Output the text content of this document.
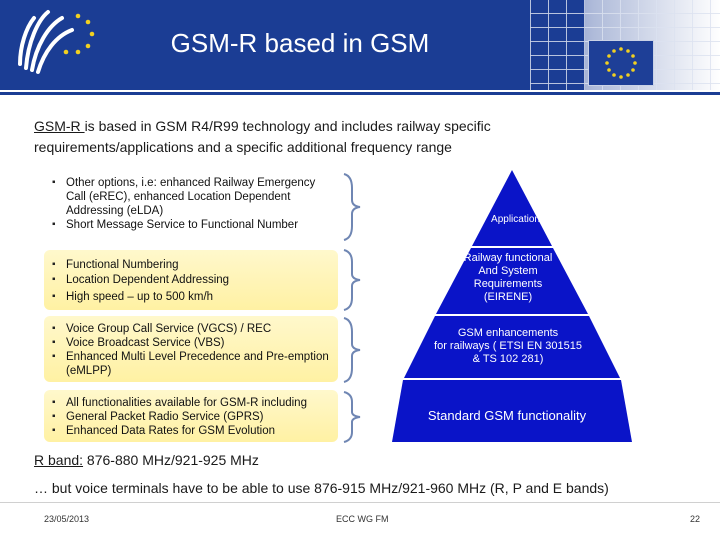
GSM-R based in GSM
GSM-R is based in GSM R4/R99 technology and includes railway specific
requirements/applications and a specific additional frequency range
▪ Other options, i.e: enhanced Railway Emergency Call (eREC), enhanced Location Dependent Addressing (eLDA)
▪ Short Message Service to Functional Number
▪ Functional Numbering
▪ Location Dependent Addressing
▪ High speed – up to 500 km/h
▪ Voice Group Call Service (VGCS) / REC
▪ Voice Broadcast Service (VBS)
▪ Enhanced Multi Level Precedence and Pre-emption (eMLPP)
▪ All functionalities available for GSM-R including
▪ General Packet Radio Service (GPRS)
▪ Enhanced Data Rates for GSM Evolution
Applications
Railway functional
And System
Requirements
(EIRENE)
GSM enhancements
for railways ( ETSI EN 301515
& TS 102 281)
Standard GSM functionality
R band: 876-880 MHz/921-925 MHz
… but voice terminals have to be able to use 876-915 MHz/921-960 MHz (R, P and E bands)
23/05/2013	ECC WG FM	22
